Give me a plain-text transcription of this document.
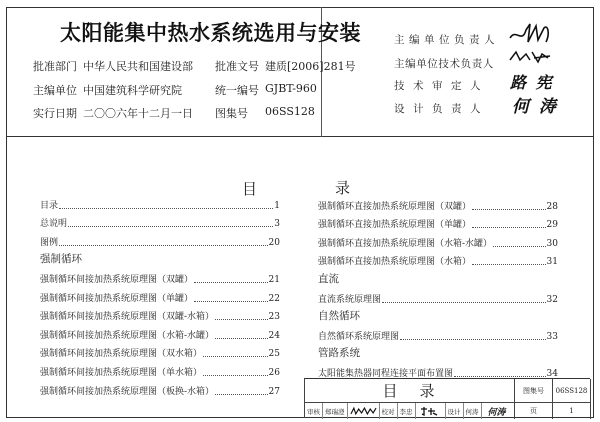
太阳能集中热水系统选用与安装
批准部门 中华人民共和国建设部
主编单位 中国建筑科学研究院
实行日期 二〇〇六年十二月一日
批准文号 建质[2006]281号
统一编号 GJBT-960
图集号 06SS128
主编单位负责人
主编单位技术负责人
技术审定人
设计负责人
路 宪
何 涛
目	录
目录	1
总说明	3
图例	20
强制循环
强制循环间接加热系统原理图（双罐）	21
强制循环间接加热系统原理图（单罐）	22
强制循环间接加热系统原理图（双罐-水箱）	23
强制循环间接加热系统原理图（水箱-水罐）	24
强制循环间接加热系统原理图（双水箱）	25
强制循环间接加热系统原理图（单水箱）	26
强制循环间接加热系统原理图（板换-水箱）	27
强制循环直接加热系统原理图（双罐）	28
强制循环直接加热系统原理图（单罐）	29
强制循环直接加热系统原理图（水箱-水罐）	30
强制循环直接加热系统原理图（水箱）	31
直流
直流系统原理图	32
自然循环
自然循环系统原理图	33
管路系统
太阳能集热器同程连接平面布置图	34
目录	图集号	06SS128
审核 郑瑞澄	校对 李忠	设计 何涛	何涛	页	1
